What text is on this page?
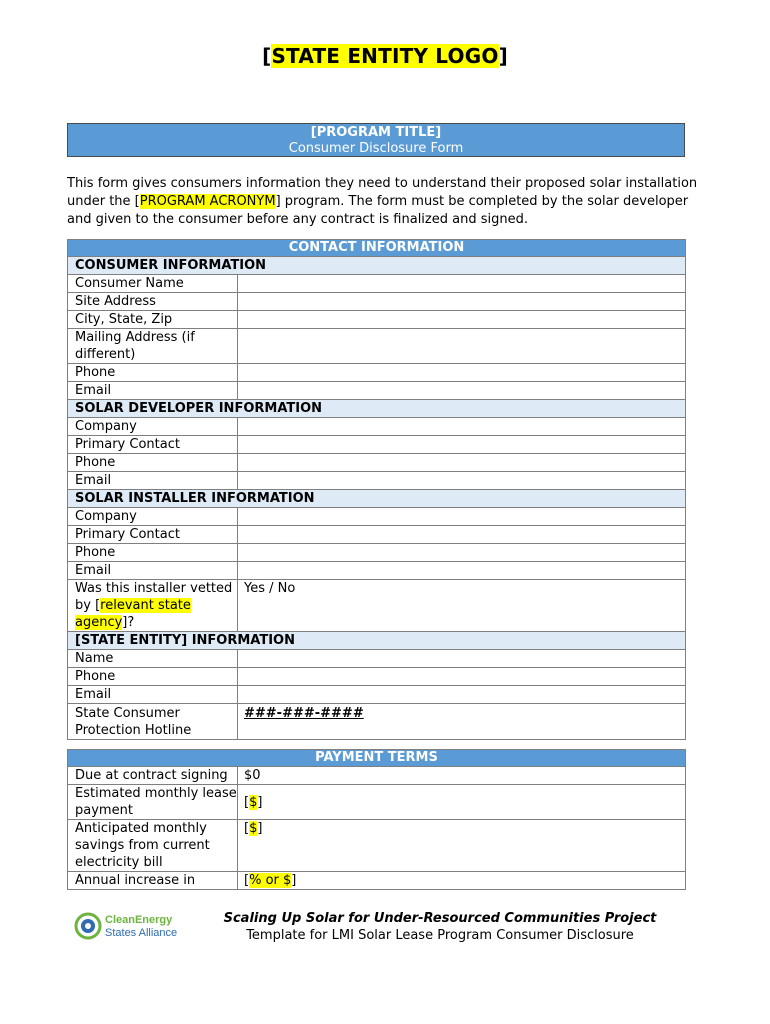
[STATE ENTITY LOGO]
[PROGRAM TITLE]
Consumer Disclosure Form
This form gives consumers information they need to understand their proposed solar installation under the [PROGRAM ACRONYM] program. The form must be completed by the solar developer and given to the consumer before any contract is finalized and signed.
CONTACT INFORMATION	
CONSUMER INFORMATION	
Consumer Name	
Site Address	
City, State, Zip	
Mailing Address (if different)	
Phone	
Email	
SOLAR DEVELOPER INFORMATION	
Company	
Primary Contact	
Phone	
Email	
SOLAR INSTALLER INFORMATION	
Company	
Primary Contact	
Phone	
Email	
Was this installer vetted by [relevant state agency]?	Yes / No
[STATE ENTITY] INFORMATION	
Name	
Phone	
Email	
State Consumer Protection Hotline	###-###-####
PAYMENT TERMS	
Due at contract signing	$0
Estimated monthly lease payment	[$]
Anticipated monthly savings from current electricity bill	[$]
Annual increase in	[% or $]
CleanEnergy
States Alliance
Scaling Up Solar for Under-Resourced Communities Project
Template for LMI Solar Lease Program Consumer Disclosure
